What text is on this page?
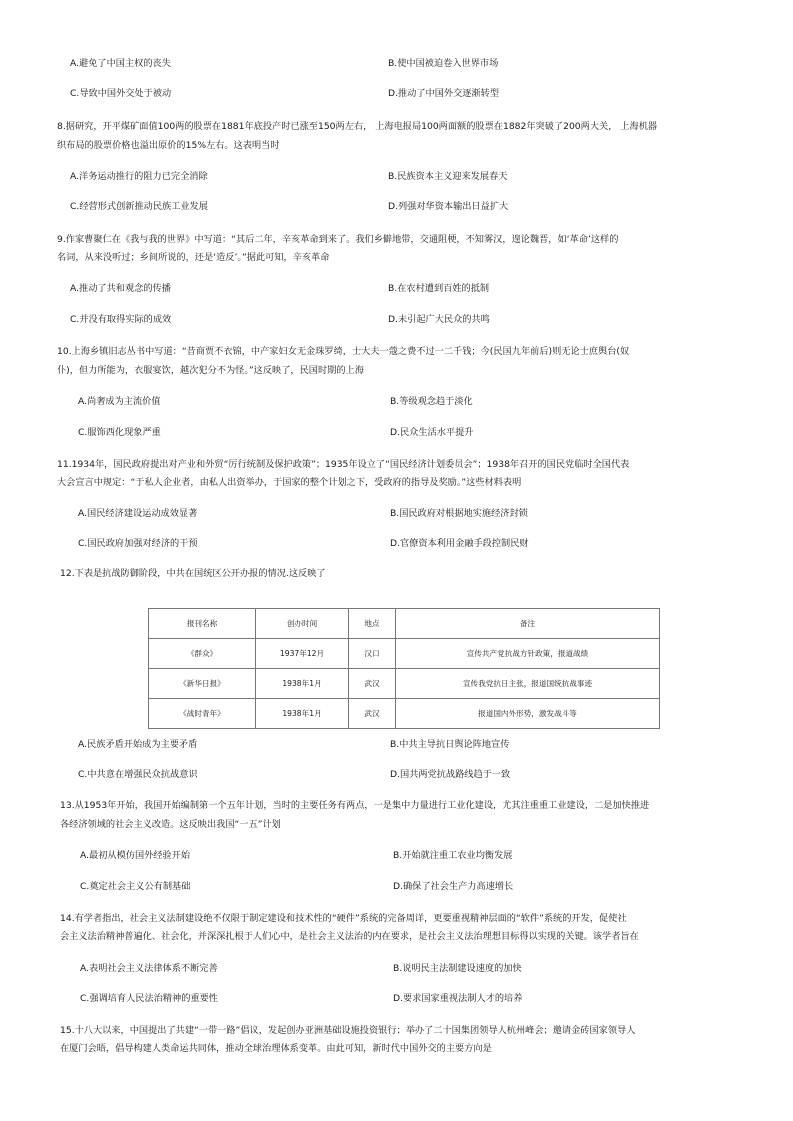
A.避免了中国主权的丧失	B.使中国被迫卷入世界市场
C.导致中国外交处于被动	D.推动了中国外交逐渐转型
8.据研究，开平煤矿面值100两的股票在1881年底投产时已涨至150两左右， 上海电报局100两面额的股票在1882年突破了200两大关， 上海机器
织布局的股票价格也溢出原价的15%左右。这表明当时
A.洋务运动推行的阻力已完全消除	B.民族资本主义迎来发展春天
C.经营形式创新推动民族工业发展	D.列强对华资本输出日益扩大
9.作家曹聚仁在《我与我的世界》中写道：“其后二年，辛亥革命到来了。我们乡僻地带，交通阻梗，不知雾汉，遑论魏晋，如‘革命’这样的
名词，从来没听过；乡间所说的，还是‘造反’。”据此可知，辛亥革命
A.推动了共和观念的传播	B.在农村遭到百姓的抵制
C.并没有取得实际的成效	D.未引起广大民众的共鸣
10.上海乡镇旧志丛书中写道：“昔商贾不衣锦，中产家妇女无金珠罗绮，士大夫一蔻之费不过一二千钱；今(民国九年前后)则无论士庶舆台(奴
仆)，但力所能为，衣服宴饮，越次犯分不为怪。”这反映了，民国时期的上海
A.尚奢成为主流价值	B.等级观念趋于淡化
C.服饰西化现象严重	D.民众生活水平提升
11.1934年，国民政府提出对产业和外贸“厉行统制及保护政策”；1935年设立了“国民经济计划委员会”；1938年召开的国民党临时全国代表
大会宣言中规定：“于私人企业者，由私人出资举办，于国家的整个计划之下，受政府的指导及奖励。”这些材料表明
A.国民经济建设运动成效显著	B.国民政府对根据地实施经济封锁
C.国民政府加强对经济的干预	D.官僚资本利用金融手段控制民财
12.下表是抗战防御阶段，中共在国统区公开办报的情况.这反映了
报刊名称	创办时间	地点	备注
《群众》	1937年12月	汉口	宣传共产党抗战方针政策，报道战绩
《新华日报》	1938年1月	武汉	宣传我党抗日主张，报道国统抗战事迹
《战时青年》	1938年1月	武汉	报道国内外形势，激发战斗等
A.民族矛盾开始成为主要矛盾	B.中共主导抗日舆论阵地宣传
C.中共意在增强民众抗战意识	D.国共两党抗战路线趋于一致
13.从1953年开始，我国开始编制第一个五年计划，当时的主要任务有两点，一是集中力量进行工业化建设，尤其注重重工业建设，二是加快推进
各经济领域的社会主义改造。这反映出我国“一五”计划
A.最初从模仿国外经验开始	B.开始就注重工农业均衡发展
C.奠定社会主义公有制基础	D.确保了社会生产力高速增长
14.有学者指出，社会主义法制建设绝不仅限于制定建设和技术性的“硬件”系统的完备周详，更要重视精神层面的“软件”系统的开发，促使社
会主义法治精神普遍化、社会化，并深深扎根于人们心中，是社会主义法治的内在要求，是社会主义法治理想目标得以实现的关键。该学者旨在
A.表明社会主义法律体系不断完善	B.说明民主法制建设速度的加快
C.强调培育人民法治精神的重要性	D.要求国家重视法制人才的培养
15.十八大以来，中国提出了共建“一带一路”倡议，发起创办亚洲基础设施投资银行；举办了二十国集团领导人杭州峰会；邀请金砖国家领导人
在厦门会晤，倡导构建人类命运共同体，推动全球治理体系变革。由此可知，新时代中国外交的主要方向是
